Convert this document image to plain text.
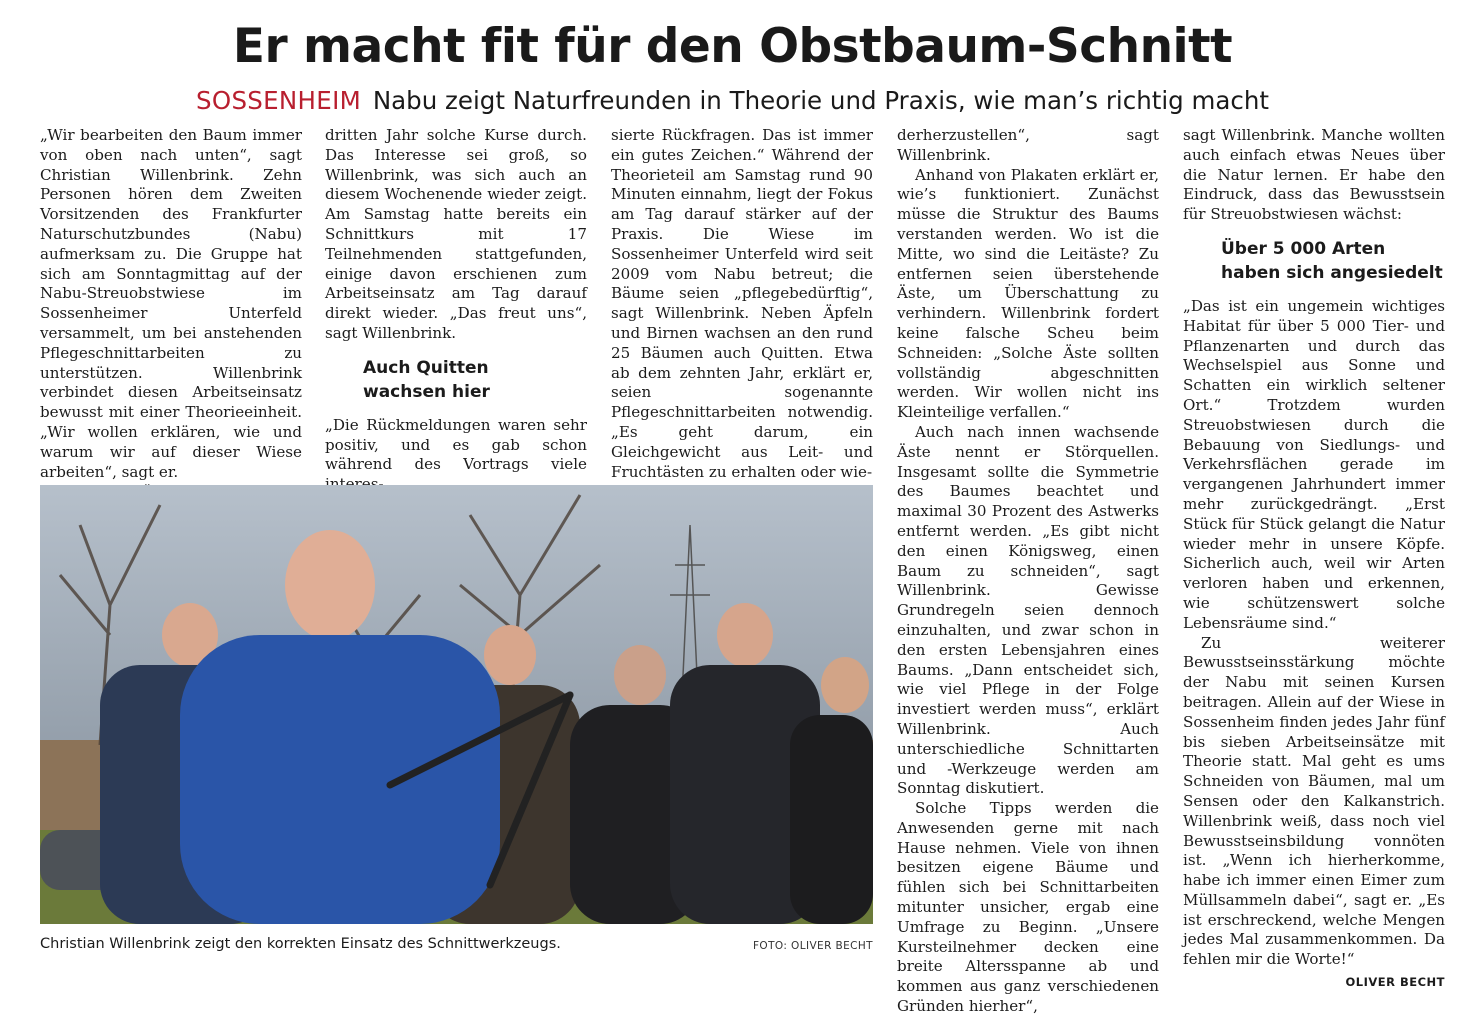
Er macht fit für den Obstbaum-Schnitt
SOSSENHEIM Nabu zeigt Naturfreunden in Theorie und Praxis, wie man’s richtig macht

„Wir bearbeiten den Baum immer von oben nach unten“, sagt Christian Willenbrink. Zehn Personen hören dem Zweiten Vorsitzenden des Frankfurter Naturschutzbundes (Nabu) aufmerksam zu. Die Gruppe hat sich am Sonntagmittag auf der Nabu-Streuobstwiese im Sossenheimer Unterfeld versammelt, um bei anstehenden Pflegeschnittarbeiten zu unterstützen. Willenbrink verbindet diesen Arbeitseinsatz bewusst mit einer Theorieeinheit. „Wir wollen erklären, wie und warum wir auf dieser Wiese arbeiten“, sagt er.

dritten Jahr solche Kurse durch. Das Interesse sei groß, so Willenbrink, was sich auch an diesem Wochenende wieder zeigt. Am Samstag hatte bereits ein Schnittkurs mit 17 Teilnehmenden stattgefunden, einige davon erschienen zum Arbeitseinsatz am Tag darauf direkt wieder. „Das freut uns“, sagt Willenbrink.

Auch Quitten
wachsen hier

„Die Rückmeldungen waren sehr positiv, und es gab schon während des Vortrags viele

sierte Rückfragen. Das ist immer ein gutes Zeichen.“ Während der Theorieteil am Samstag rund 90 Minuten einnahm, liegt der Fokus am Tag darauf stärker auf der Praxis. Die Wiese im Sossenheimer Unterfeld wird seit 2009 vom Nabu betreut; die Bäume seien „pflegebedürftig“, sagt Willenbrink. Neben Äpfeln und Birnen wachsen an den rund 25 Bäumen auch Quitten. Etwa ab dem zehnten Jahr, erklärt er, seien sogenannte Pflegeschnittarbeiten notwendig. „Es geht darum, ein Gleichgewicht aus Leit- und Fruchtästen zu erhalten oder wie-

derherzustellen“, sagt Willenbrink.

Anhand von Plakaten erklärt er, wie’s funktioniert. Zunächst müsse die Struktur des Baums verstanden werden. Wo ist die Mitte, wo sind die Leitäste? Zu entfernen seien überstehende Äste, um Überschattung zu verhindern. Willenbrink fordert keine falsche Scheu beim Schneiden: „Solche Äste sollten vollständig abgeschnitten werden. Wir wollen nicht ins Kleinteilige verfallen.“

Auch nach innen wachsende Äste nennt er Störquellen. Insgesamt sollte die Symmetrie des Baumes beachtet und maximal 30 Prozent des Astwerks entfernt werden. „Es gibt nicht den einen Königsweg, einen Baum zu schneiden“, sagt Willenbrink. Gewisse Grundregeln seien dennoch einzuhalten, und zwar schon in den ersten Lebensjahren eines Baums. „Dann entscheidet sich, wie viel Pflege in der Folge investiert werden muss“, erklärt Willenbrink. Auch unterschiedliche Schnittarten und -Werkzeuge werden am Sonntag diskutiert.

Solche Tipps werden die Anwesenden gerne mit nach Hause nehmen. Viele von ihnen besitzen eigene Bäume und fühlen sich bei Schnittarbeiten mitunter unsicher, ergab eine Umfrage zu Beginn. „Unsere Kursteilnehmer decken eine breite Altersspanne ab und kommen aus ganz verschiedenen Gründen hierher“,

sagt Willenbrink. Manche wollten auch einfach etwas Neues über die Natur lernen. Er habe den Eindruck, dass das Bewusstsein für Streuobstwiesen wächst:

Über 5 000 Arten
haben sich angesiedelt

„Das ist ein ungemein wichtiges Habitat für über 5 000 Tier- und Pflanzenarten und durch das Wechselspiel aus Sonne und Schatten ein wirklich seltener Ort.“ Trotzdem wurden Streuobstwiesen durch die Bebauung von Siedlungs- und Verkehrsflächen gerade im vergangenen Jahrhundert immer mehr zurückgedrängt. „Erst Stück für Stück gelangt die Natur wieder mehr in unsere Köpfe. Sicherlich auch, weil wir Arten verloren haben und erkennen, wie schützenswert solche Lebensräume sind.“

Zu weiterer Bewusstseinsstärkung möchte der Nabu mit seinen Kursen beitragen. Allein auf der Wiese in Sossenheim finden jedes Jahr fünf bis sieben Arbeitseinsätze mit Theorie statt. Mal geht es ums Schneiden von Bäumen, mal um Sensen oder den Kalkanstrich. Willenbrink weiß, dass noch viel Bewusstseinsbildung vonnöten ist. „Wenn ich hierherkomme, habe ich immer einen Eimer zum Müllsammeln dabei“, sagt er. „Es ist erschreckend, welche Mengen jedes Mal zusammenkommen. Da fehlen mir die Worte!“
OLIVER BECHT

Christian Willenbrink zeigt den korrekten Einsatz des Schnittwerkzeugs.	FOTO: OLIVER BECHT
